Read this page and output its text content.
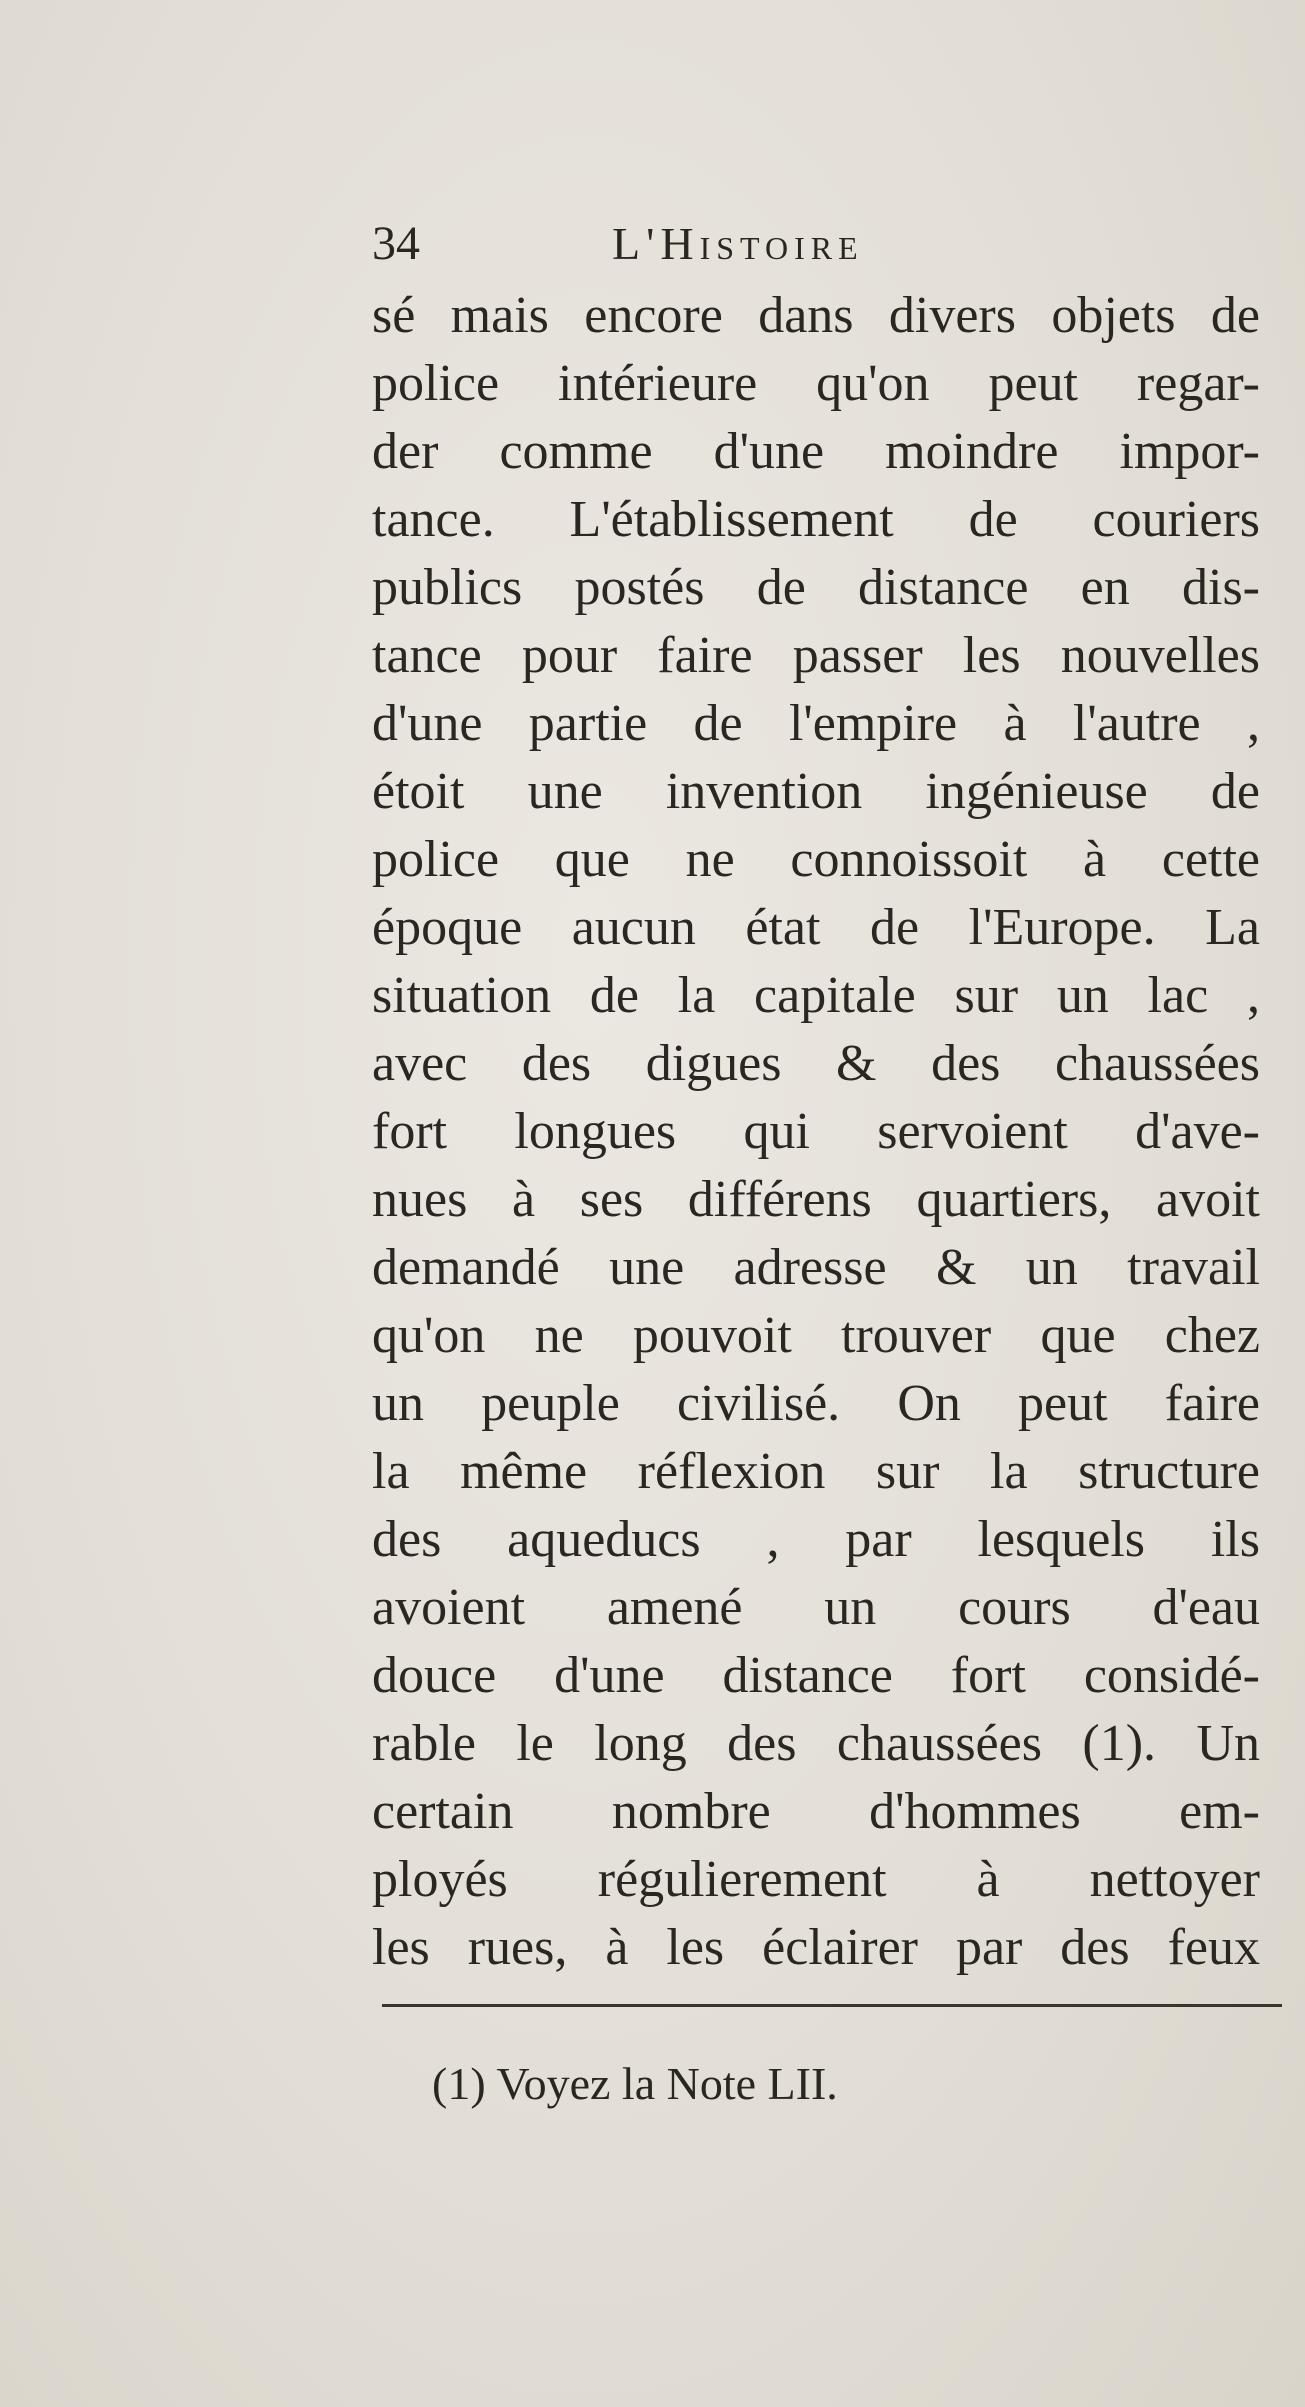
34	L'Histoire
sé mais encore dans divers objets de
police intérieure qu'on peut regar-
der comme d'une moindre impor-
tance. L'établissement de couriers
publics postés de distance en dis-
tance pour faire passer les nouvelles
d'une partie de l'empire à l'autre ,
étoit une invention ingénieuse de
police que ne connoissoit à cette
époque aucun état de l'Europe. La
situation de la capitale sur un lac ,
avec des digues & des chaussées
fort longues qui servoient d'ave-
nues à ses différens quartiers, avoit
demandé une adresse & un travail
qu'on ne pouvoit trouver que chez
un peuple civilisé. On peut faire
la même réflexion sur la structure
des aqueducs , par lesquels ils
avoient amené un cours d'eau
douce d'une distance fort considé-
rable le long des chaussées (1). Un
certain nombre d'hommes em-
ployés régulierement à nettoyer
les rues, à les éclairer par des feux
(1) Voyez la Note LII.
